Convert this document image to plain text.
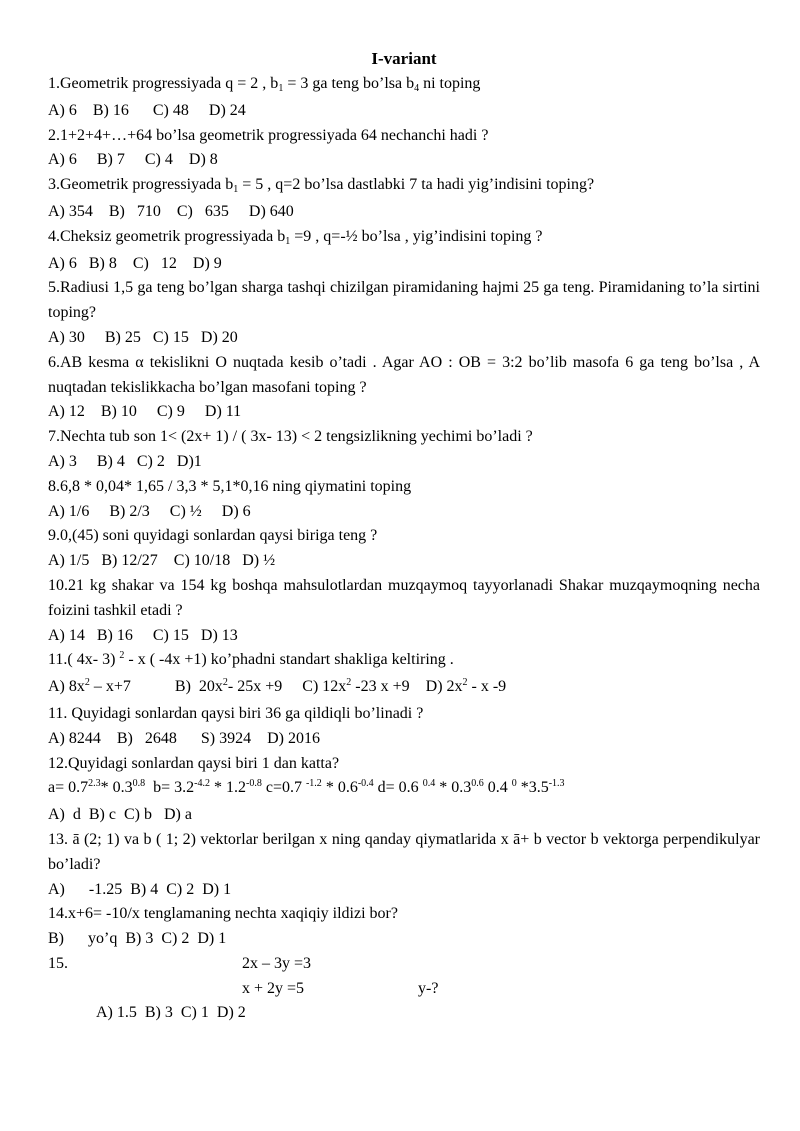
I-variant
1.Geometrik progressiyada q = 2 , b1 = 3 ga teng bo’lsa b4 ni toping
A) 6    B) 16      C) 48     D) 24
2.1+2+4+…+64 bo’lsa geometrik progressiyada 64 nechanchi hadi ?
A) 6     B) 7     C) 4    D) 8
3.Geometrik progressiyada b1 = 5 , q=2 bo’lsa dastlabki 7 ta hadi yig’indisini toping?
A) 354    B)   710    C)   635     D) 640
4.Cheksiz geometrik progressiyada b1 =9 , q=-½ bo’lsa , yig’indisini toping ?
A) 6   B) 8    C)   12    D) 9
5.Radiusi 1,5 ga teng bo’lgan sharga tashqi chizilgan piramidaning hajmi 25 ga teng. Piramidaning to’la sirtini toping?
A) 30     B) 25   C) 15   D) 20
6.AB kesma α tekislikni O nuqtada kesib o’tadi . Agar AO : OB = 3:2 bo’lib masofa 6 ga teng bo’lsa , A nuqtadan tekislikkacha bo’lgan masofani toping ?
A) 12    B) 10     C) 9     D) 11
7.Nechta tub son 1< (2x+ 1) / ( 3x- 13) < 2 tengsizlikning yechimi bo’ladi ?
A) 3     B) 4   C) 2   D)1
8.6,8 * 0,04* 1,65 / 3,3 * 5,1*0,16 ning qiymatini toping
A) 1/6     B) 2/3     C) ½     D) 6
9.0,(45) soni quyidagi sonlardan qaysi biriga teng ?
A) 1/5   B) 12/27    C) 10/18   D) ½
10.21 kg shakar va 154 kg boshqa mahsulotlardan muzqaymoq tayyorlanadi Shakar muzqaymoqning necha foizini tashkil etadi ?
A) 14   B) 16     C) 15   D) 13
11.( 4x- 3) $^2$ - x ( -4x +1) ko’phadni standart shakliga keltiring .
A) $8x^2 - x+7$           B)  $20x^2-$ 25x +9     C) $12x^2$ -23 x +9    D) $2x^2$ - x -9
11. Quyidagi sonlardan qaysi biri 36 ga qildiqli bo’linadi ?
A) 8244    B)   2648      S) 3924    D) 2016
12.Quyidagi sonlardan qaysi biri 1 dan katta?
$a= 0.7^{2.3}*$ $0.3^{0.8}$  $b= 3.2^{-4.2} * 1.2^{-0.8}$ c=0.7 $^{-1.2} * 0.6^{-0.4}$ d= 0.6 $^{0.4} * 0.3^{0.6}$ 0.4 $^0$ $*3.5^{-1.3}$
A)  d  B) c  C) b   D) a
13. ā (2; 1) va b ( 1; 2) vektorlar berilgan x ning qanday qiymatlarida x ā+ b vector b vektorga perpendikulyar bo’ladi?
A)      -1.25  B) 4  C) 2  D) 1
14.x+6= -10/x tenglamaning nechta xaqiqiy ildizi bor?
B)      yo’q  B) 3  C) 2  D) 1
15.	2x – 3y =3
x + 2y =5	y-?
A) 1.5  B) 3  C) 1  D) 2
